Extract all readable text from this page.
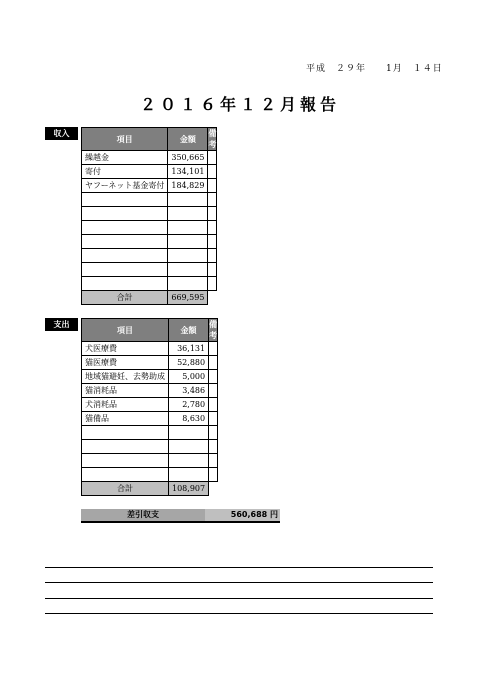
平成　２９年　　1月　１４日
２０１６年１２月報告
収入
項目	金額	備考
繰越金	350,665	
寄付	134,101	
ヤフーネット基金寄付	184,829	

合計	669,595	
支出
項目	金額	備考
犬医療費	36,131	
猫医療費	52,880	
地域猫避妊、去勢助成	5,000	
猫消耗品	3,486	
犬消耗品	2,780	
猫備品	8,630	

合計	108,907	
差引収支	560,688 円
